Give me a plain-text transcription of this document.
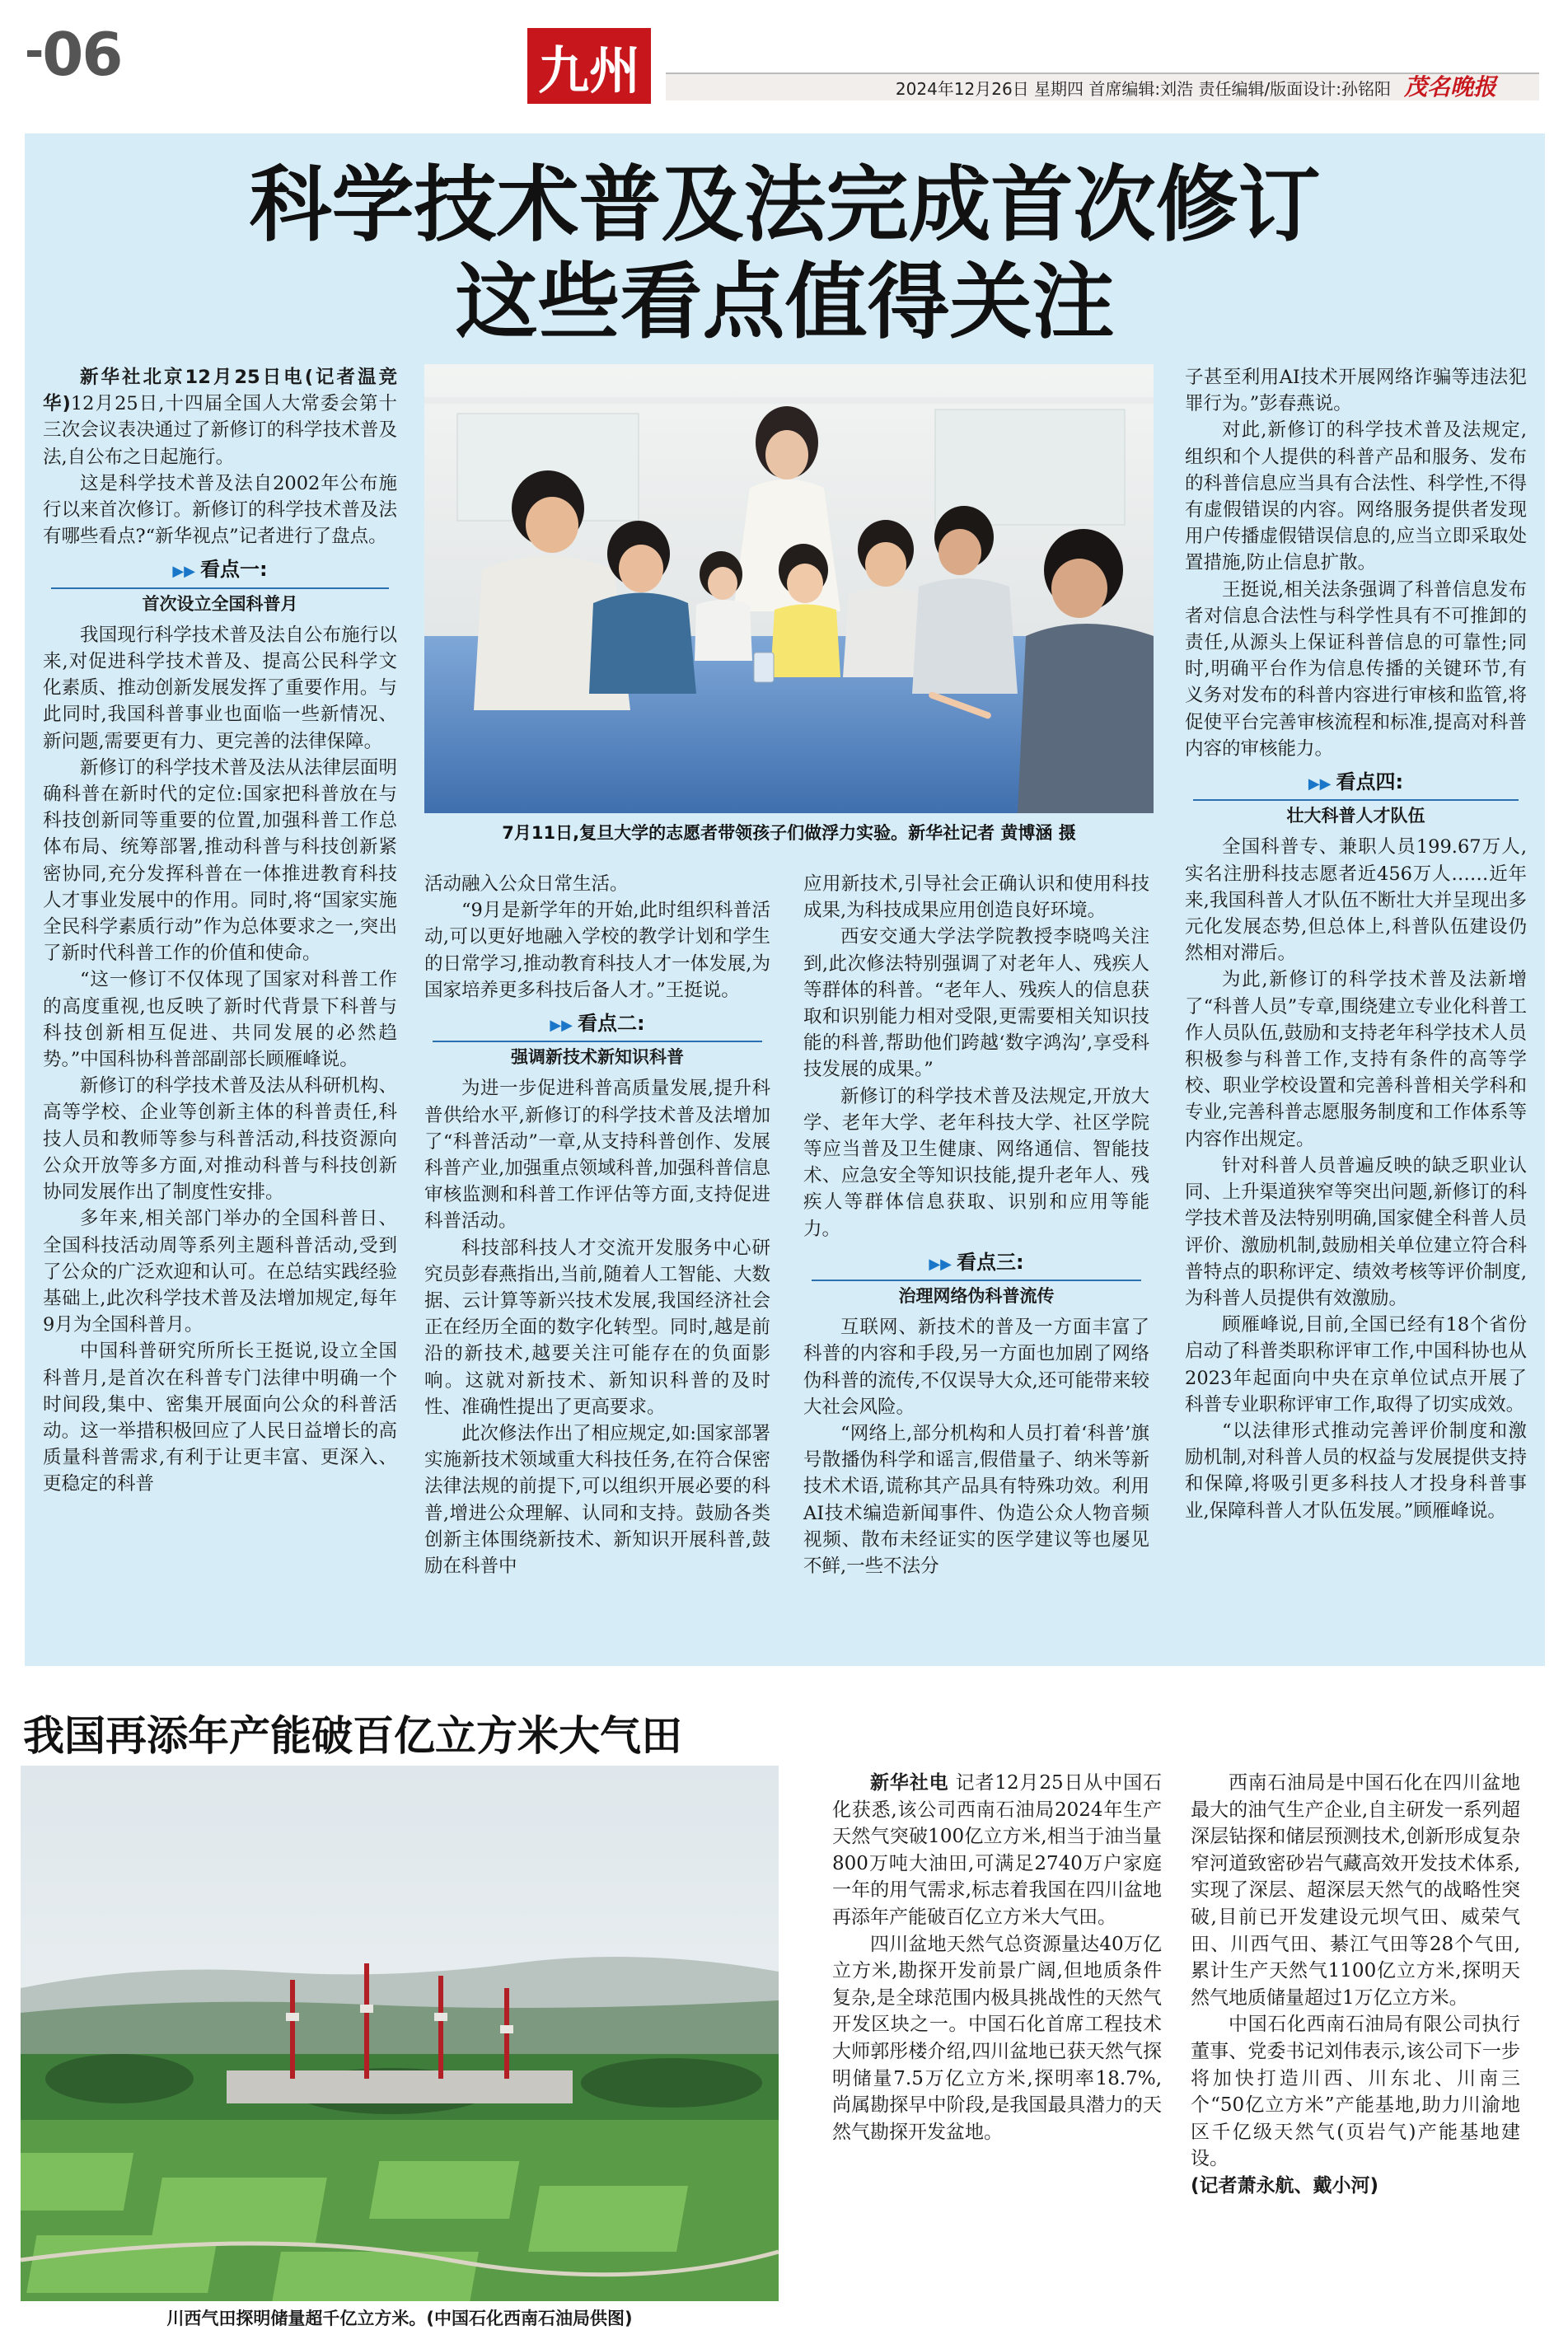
-06	九州	2024年12月26日 星期四 首席编辑:刘浩 责任编辑/版面设计:孙铭阳 茂名晚报
科学技术普及法完成首次修订
这些看点值得关注
7月11日,复旦大学的志愿者带领孩子们做浮力实验。新华社记者 黄博涵 摄

新华社北京12月25日电(记者温竞华)12月25日,十四届全国人大常委会第十三次会议表决通过了新修订的科学技术普及法,自公布之日起施行。

这是科学技术普及法自2002年公布施行以来首次修订。新修订的科学技术普及法有哪些看点?“新华视点”记者进行了盘点。

▶▶ 看点一:
首次设立全国科普月

我国现行科学技术普及法自公布施行以来,对促进科学技术普及、提高公民科学文化素质、推动创新发展发挥了重要作用。与此同时,我国科普事业也面临一些新情况、新问题,需要更有力、更完善的法律保障。

新修订的科学技术普及法从法律层面明确科普在新时代的定位:国家把科普放在与科技创新同等重要的位置,加强科普工作总体布局、统筹部署,推动科普与科技创新紧密协同,充分发挥科普在一体推进教育科技人才事业发展中的作用。同时,将“国家实施全民科学素质行动”作为总体要求之一,突出了新时代科普工作的价值和使命。

“这一修订不仅体现了国家对科普工作的高度重视,也反映了新时代背景下科普与科技创新相互促进、共同发展的必然趋势。”中国科协科普部副部长顾雁峰说。

新修订的科学技术普及法从科研机构、高等学校、企业等创新主体的科普责任,科技人员和教师等参与科普活动,科技资源向公众开放等多方面,对推动科普与科技创新协同发展作出了制度性安排。

多年来,相关部门举办的全国科普日、全国科技活动周等系列主题科普活动,受到了公众的广泛欢迎和认可。在总结实践经验基础上,此次科学技术普及法增加规定,每年9月为全国科普月。

中国科普研究所所长王挺说,设立全国科普月,是首次在科普专门法律中明确一个时间段,集中、密集开展面向公众的科普活动。这一举措积极回应了人民日益增长的高质量科普需求,有利于让更丰富、更深入、更稳定的科普

活动融入公众日常生活。

“9月是新学年的开始,此时组织科普活动,可以更好地融入学校的教学计划和学生的日常学习,推动教育科技人才一体发展,为国家培养更多科技后备人才。”王挺说。

▶▶ 看点二:
强调新技术新知识科普

为进一步促进科普高质量发展,提升科普供给水平,新修订的科学技术普及法增加了“科普活动”一章,从支持科普创作、发展科普产业,加强重点领域科普,加强科普信息审核监测和科普工作评估等方面,支持促进科普活动。

科技部科技人才交流开发服务中心研究员彭春燕指出,当前,随着人工智能、大数据、云计算等新兴技术发展,我国经济社会正在经历全面的数字化转型。同时,越是前沿的新技术,越要关注可能存在的负面影响。这就对新技术、新知识科普的及时性、准确性提出了更高要求。

此次修法作出了相应规定,如:国家部署实施新技术领域重大科技任务,在符合保密法律法规的前提下,可以组织开展必要的科普,增进公众理解、认同和支持。鼓励各类创新主体围绕新技术、新知识开展科普,鼓励在科普中

应用新技术,引导社会正确认识和使用科技成果,为科技成果应用创造良好环境。

西安交通大学法学院教授李晓鸣关注到,此次修法特别强调了对老年人、残疾人等群体的科普。“老年人、残疾人的信息获取和识别能力相对受限,更需要相关知识技能的科普,帮助他们跨越‘数字鸿沟’,享受科技发展的成果。”

新修订的科学技术普及法规定,开放大学、老年大学、老年科技大学、社区学院等应当普及卫生健康、网络通信、智能技术、应急安全等知识技能,提升老年人、残疾人等群体信息获取、识别和应用等能力。

▶▶ 看点三:
治理网络伪科普流传

互联网、新技术的普及一方面丰富了科普的内容和手段,另一方面也加剧了网络伪科普的流传,不仅误导大众,还可能带来较大社会风险。

“网络上,部分机构和人员打着‘科普’旗号散播伪科学和谣言,假借量子、纳米等新技术术语,谎称其产品具有特殊功效。利用AI技术编造新闻事件、伪造公众人物音频视频、散布未经证实的医学建议等也屡见不鲜,一些不法分

子甚至利用AI技术开展网络诈骗等违法犯罪行为。”彭春燕说。

对此,新修订的科学技术普及法规定,组织和个人提供的科普产品和服务、发布的科普信息应当具有合法性、科学性,不得有虚假错误的内容。网络服务提供者发现用户传播虚假错误信息的,应当立即采取处置措施,防止信息扩散。

王挺说,相关法条强调了科普信息发布者对信息合法性与科学性具有不可推卸的责任,从源头上保证科普信息的可靠性;同时,明确平台作为信息传播的关键环节,有义务对发布的科普内容进行审核和监管,将促使平台完善审核流程和标准,提高对科普内容的审核能力。

▶▶ 看点四:
壮大科普人才队伍

全国科普专、兼职人员199.67万人,实名注册科技志愿者近456万人……近年来,我国科普人才队伍不断壮大并呈现出多元化发展态势,但总体上,科普队伍建设仍然相对滞后。

为此,新修订的科学技术普及法新增了“科普人员”专章,围绕建立专业化科普工作人员队伍,鼓励和支持老年科学技术人员积极参与科普工作,支持有条件的高等学校、职业学校设置和完善科普相关学科和专业,完善科普志愿服务制度和工作体系等内容作出规定。

针对科普人员普遍反映的缺乏职业认同、上升渠道狭窄等突出问题,新修订的科学技术普及法特别明确,国家健全科普人员评价、激励机制,鼓励相关单位建立符合科普特点的职称评定、绩效考核等评价制度,为科普人员提供有效激励。

顾雁峰说,目前,全国已经有18个省份启动了科普类职称评审工作,中国科协也从2023年起面向中央在京单位试点开展了科普专业职称评审工作,取得了切实成效。

“以法律形式推动完善评价制度和激励机制,对科普人员的权益与发展提供支持和保障,将吸引更多科技人才投身科普事业,保障科普人才队伍发展。”顾雁峰说。

我国再添年产能破百亿立方米大气田
川西气田探明储量超千亿立方米。(中国石化西南石油局供图)

新华社电 记者12月25日从中国石化获悉,该公司西南石油局2024年生产天然气突破100亿立方米,相当于油当量800万吨大油田,可满足2740万户家庭一年的用气需求,标志着我国在四川盆地再添年产能破百亿立方米大气田。

四川盆地天然气总资源量达40万亿立方米,勘探开发前景广阔,但地质条件复杂,是全球范围内极具挑战性的天然气开发区块之一。中国石化首席工程技术大师郭彤楼介绍,四川盆地已获天然气探明储量7.5万亿立方米,探明率18.7%,尚属勘探早中阶段,是我国最具潜力的天然气勘探开发盆地。

西南石油局是中国石化在四川盆地最大的油气生产企业,自主研发一系列超深层钻探和储层预测技术,创新形成复杂窄河道致密砂岩气藏高效开发技术体系,实现了深层、超深层天然气的战略性突破,目前已开发建设元坝气田、威荣气田、川西气田、綦江气田等28个气田,累计生产天然气1100亿立方米,探明天然气地质储量超过1万亿立方米。

中国石化西南石油局有限公司执行董事、党委书记刘伟表示,该公司下一步将加快打造川西、川东北、川南三个“50亿立方米”产能基地,助力川渝地区千亿级天然气(页岩气)产能基地建设。

(记者萧永航、戴小河)
